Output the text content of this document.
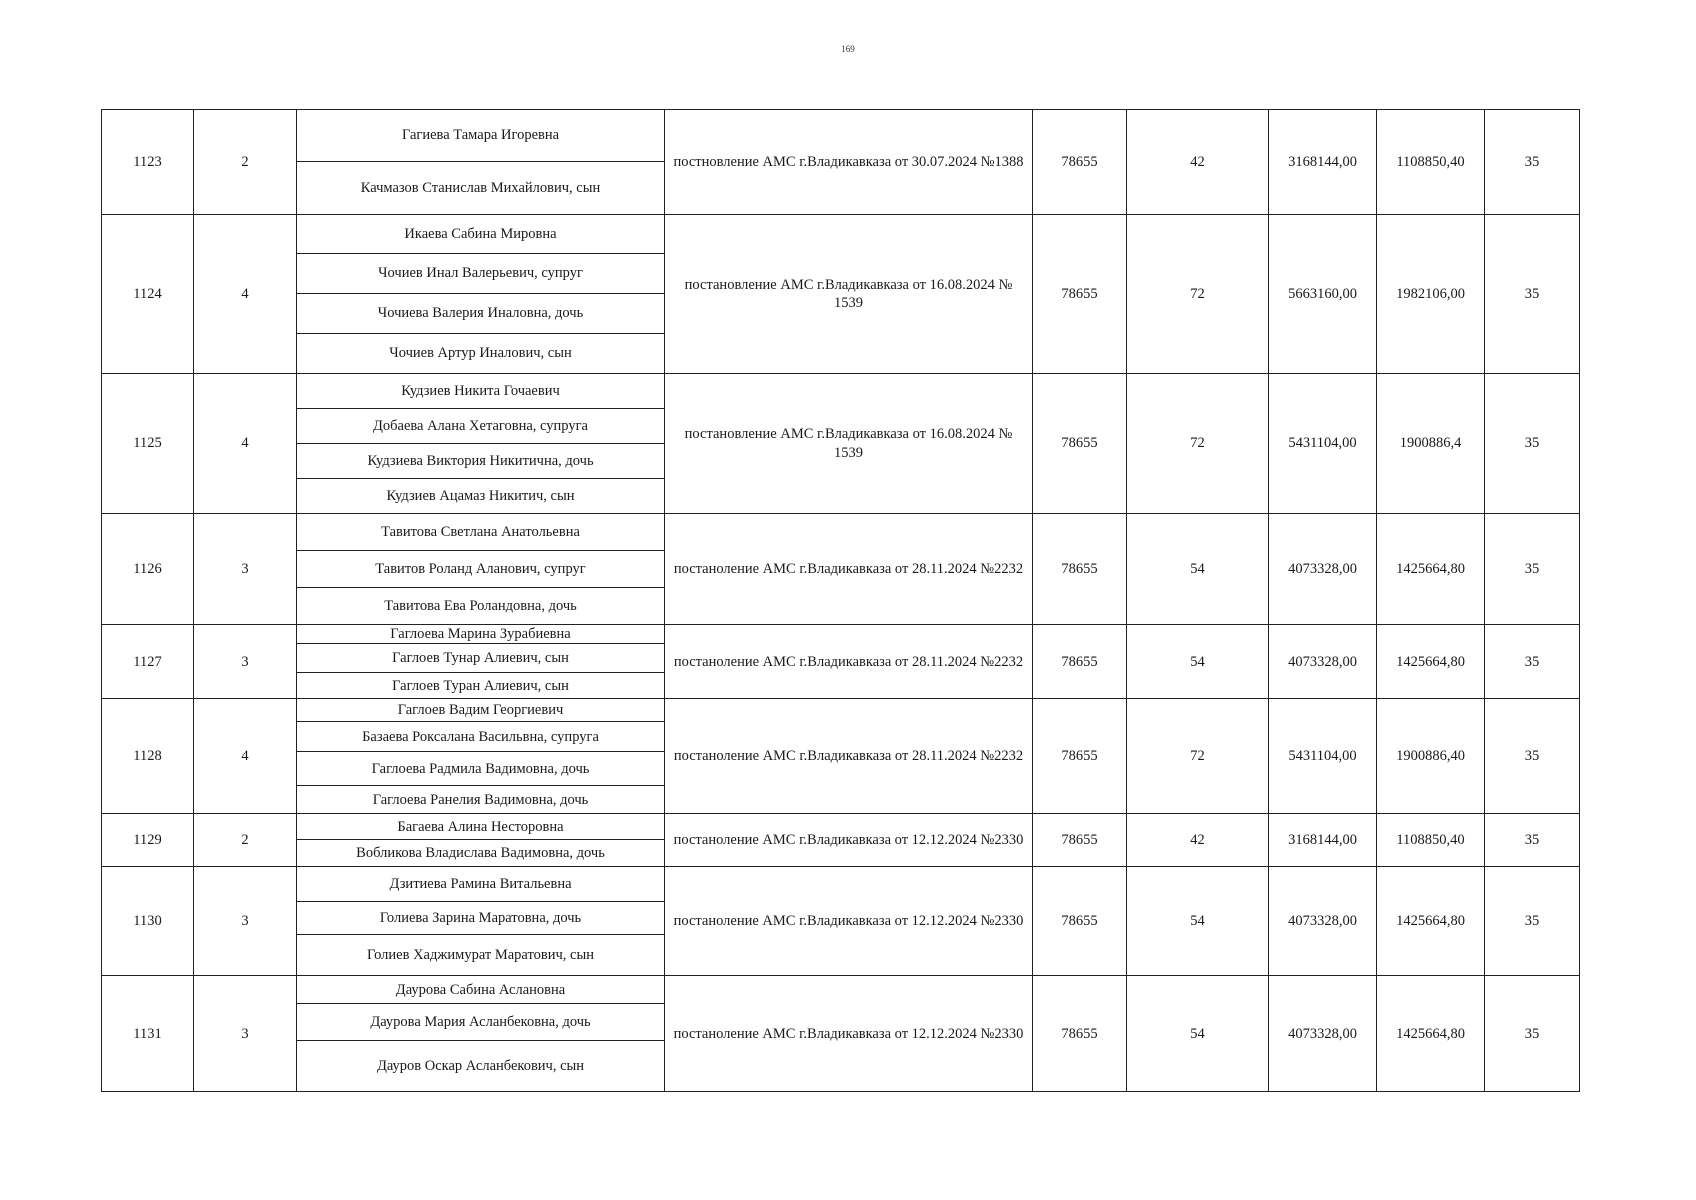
169
1123	2	Гагиева Тамара Игоревна	постновление АМС г.Владикавказа от 30.07.2024 №1388	78655	42	3168144,00	1108850,40	35
		Качмазов Станислав Михайлович, сын						
1124	4	Икаева Сабина Мировна	постановление АМС г.Владикавказа от 16.08.2024 № 1539	78655	72	5663160,00	1982106,00	35
		Чочиев Инал Валерьевич, супруг						
		Чочиева Валерия Иналовна, дочь						
		Чочиев Артур Иналович, сын						
1125	4	Кудзиев Никита Гочаевич	постановление АМС г.Владикавказа от 16.08.2024 № 1539	78655	72	5431104,00	1900886,4	35
		Добаева Алана Хетаговна, супруга						
		Кудзиева Виктория Никитична, дочь						
		Кудзиев Ацамаз Никитич, сын						
1126	3	Тавитова Светлана Анатольевна	постанолениe АМС г.Владикавказа от 28.11.2024 №2232	78655	54	4073328,00	1425664,80	35
		Тавитов Роланд Аланович, супруг						
		Тавитова Ева Роландовна, дочь						
1127	3	Гаглоева Марина Зурабиевна	постанолениe АМС г.Владикавказа от 28.11.2024 №2232	78655	54	4073328,00	1425664,80	35
		Гаглоев Тунар Алиевич, сын						
		Гаглоев Туран Алиевич, сын						
1128	4	Гаглоев Вадим Георгиевич	постанолениe АМС г.Владикавказа от 28.11.2024 №2232	78655	72	5431104,00	1900886,40	35
		Базаева Роксалана Васильвна, супруга						
		Гаглоева Радмила Вадимовна, дочь						
		Гаглоева Ранелия Вадимовна, дочь						
1129	2	Багаева Алина Несторовна	постанолениe АМС г.Владикавказа от 12.12.2024 №2330	78655	42	3168144,00	1108850,40	35
		Вобликова Владислава Вадимовна, дочь						
1130	3	Дзитиева Рамина Витальевна	постанолениe АМС г.Владикавказа от 12.12.2024 №2330	78655	54	4073328,00	1425664,80	35
		Голиева Зарина Маратовна, дочь						
		Голиев Хаджимурат Маратович, сын						
1131	3	Даурова Сабина Аслановна	постанолениe АМС г.Владикавказа от 12.12.2024 №2330	78655	54	4073328,00	1425664,80	35
		Даурова Мария Асланбековна, дочь						
		Дауров Оскар Асланбекович, сын						
